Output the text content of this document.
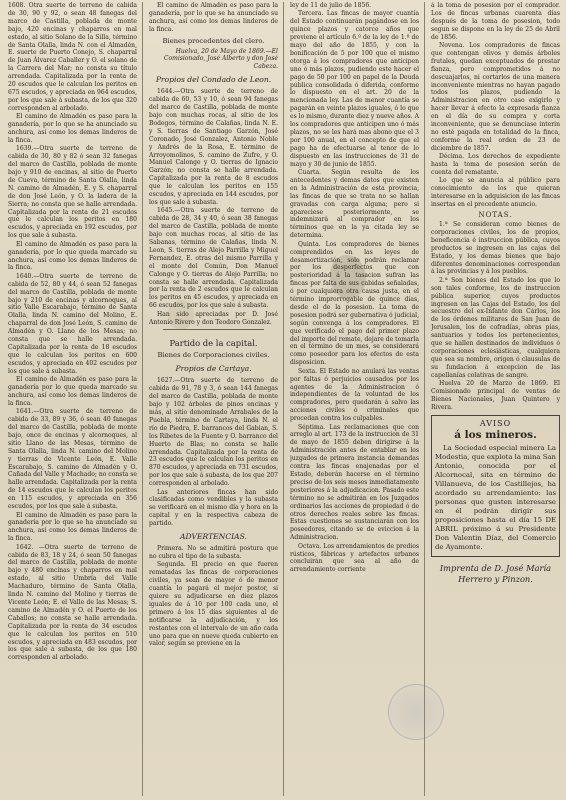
1608. Otra suerte de terreno de cabida de 30, 90 y 92, o sean 48 fanegas del marco de Castilla, poblada de monte bajo, 420 encinas y chaparros en mal estado, al sitio Solano de la Silla, término de Santa Olalla, linda N. con el Almadén, E. suerte de Puerto Conejo, S. chaparral de Juan Álvarez Caballer y O. el solano de la Carrera del Mar; no consta su título arrendada. Capitalizada por la renta de 20 escudos que le calculan los peritos en 675 escudos, y apreciada en 964 escudos, por los que sale á subasta, de los que 320 corresponden al arbolado.

El camino de Almadén es paso para la ganadería, por lo que se ha anunciado su anchura, así como los demas linderos de la finca.

1639.—Otra suerte de terreno de cabida de 30, 80 y 82 ó sean 32 fanegas del marco de Castilla, poblada de monte bajo y 910 de encinas, al sitio de Puerto de Cueva, término de Santa Olalla, linda N. camino de Almadén, E. y S. chaparral de don José León, y O. la ladera de la Sierra; no consta que se halle arrendada. Capitalizada por la renta de 21 escudos que le calculan los peritos en 180 escudos, y apreciada en 192 escudos, por los que sale á subasta.

El camino de Almadén es paso para la ganadería, por lo que queda marcado su anchura, así como los demas linderos de la finca.

1640.—Otra suerte de terreno de cabida de 52, 80 y 44, ó sean 52 fanegas del marco de Castilla, poblada de monte bajo y 210 de encinas y alcornoques, al sitio Valle Escarabajo, término de Santa Olalla, linda N. camino del Molino, E. chaparral de don José León, S. camino de Almadén y O. Llano de los Mesas; no consta que se halle arrendada. Capitalizada por la renta de 18 escudos que le calculan los peritos en 600 escudos, y apreciada en 402 escudos por los que sale á subasta.

El camino de Almadén es paso para la ganadería por lo que queda marcado su anchura, así como los demas linderos de la finca.

1641.—Otra suerte de terreno de cabida de 33, 89 y 36, ó sean 40 fanegas del marco de Castilla, poblada de monte bajo, once de encinas y alcornoques, al sitio Llano de las Mesas, término de Santa Olalla, linda N. camino del Molino y tierras de Vicente León, E. Valle Escarabajo, S. camino de Almadén y O. Cañada del Valle y Machado; no consta se halle arrendada. Capitalizada por la renta de 14 escudos que le calculan los peritos en 115 escudos, y apreciada en 356 escudos, por los que sale á subasta.

El camino de Almadén es paso para la ganadería por lo que se ha anunciado su anchura, así como los demas linderos de la finca.

1642. —Otra suerte de terreno de cabida de 83, 18 y 24, ó sean 50 fanegas del marco de Castilla, poblada de monte bajo y 480 encinas y chaparros en mal estado, al sitio Umbría del Valle Machaduro, término de Santa Olalla, linda N. camino del Molino y tierras de Vicente León; E. el Valle de las Mesas; S. camino de Almadén y O. el Puerto de los Caballos; no consta se halle arrendada. Capitalizada por la renta de 34 escudos que le calculan los peritos en 510 escudos, y apreciada en 483 escudos, por los que sale á subasta, de los que 180 corresponden al arbolado.

El camino de Almadén es paso para la ganadería, por lo que se ha anunciado su anchura, así como los demas linderos de la finca.

Bienes procedentes del clero.

Huelva, 20 de Mayo de 1869.—El Comisionado, José Alberto y don José Cabeza.

Propios del Condado de Leon.

1644.—Otra suerte de terreno de cabida de 60, 53 y 10, ó sean 94 fanegas del marco de Castilla, poblada de monte bajo con muchas rocas, al sitio de los Bodegos, término de Calañas, linda N. E. y S. tierras de Santiago Garzón, José Coronado, José Gonzalez, Antonio Noble y Andrés de la Rosa, E. término de Arroyomolinos, S. camino de Zufre, y O. Manuel Calonge y O. tierras de Ignacio Garzón; no consta se halle arrendada. Capitalizada por la renta de 8 escudos que le calculan los peritos en 155 escudos, y apreciada en 144 escudos, por los que sale á subasta.

1645.—Otra suerte de terreno de cabida de 28, 34 y 40, ó sean 38 fanegas del marco de Castilla, poblada de monte bajo con muchas rocas, al sitio de las Sabanas, término de Calañas, linda N. Leon, S. tierras de Alejo Parrilla y Miguel Fernandez, E. otras del mismo Parrilla y el monte del Común, Don Manuel Calonge y O. tierras de Alejo Parrilla; no consta se halle arrendada. Capitalizada por la renta de 2 escudos que le calculan los peritos en 45 escudos, y apreciada en 66 escudos, por los que sale á subasta.

Han sido apreciadas por D. José Antonio Rivero y don Teodoro Gonzalez.

Partido de la capital.
Bienes de Corporaciones civiles.
Propios de Cartaya.

1627.—Otra suerte de terreno de cabida de 91, 78 y 3, ó sean 144 fanegas del marco de Castilla, poblada de monte bajo y 102 árboles de pinos encinas y más, al sitio denominado Arrabales de la Puebla, término de Cartaya, linda N. el río de Piedra, E. barrancos del Gabian, S. los Ribetes de la Fuente y O. barranco del Huerto de Blas; no consta se halle arrendada. Capitalizada por la renta de 23 escudos que le calculan los peritos en 870 escudos, y apreciada en 731 escudos, por los que sale á subasta, de los que 207 corresponden al arbolado.

Las anteriores fincas han sido clasificadas como vendibles y la subasta se verificará en el mismo día y hora en la capital y en la respectiva cabeza de partido.

ADVERTENCIAS.

Primera. No se admitirá postura que no cubra el tipo de la subasta.

Segunda. El precio en que fueren rematadas las fincas de corporaciones civiles, ya sean de mayor ó de menor cuantía lo pagará el mejor postor, si quiere su adjudicarse en diez plazos iguales de á 10 por 100 cada uno, el primero á los 15 días siguientes al de notificarse la adjudicación, y los restantes con el intervalo de un año cada uno para que en nueve queda cubierto en valor, según se previene en la

ley de 11 de julio de 1856.

Tercera. Las fincas de mayor cuantía del Estado continuarán pagándose en los quince plazos y catorce años que previene el artículo 6.º de la ley de 1.º de mayo del año de 1855, y con la bonificación de 5 por 100 que el mismo otorga á los compradores que anticipen uno ó más plazos, pudiendo este hacer el pago de 50 por 100 en papel de la Deuda pública consolidada ó diferida, conforme lo dispuesto en el art. 20 de la mencionada ley. Las de menor cuantía se pagarán en veinte plazos iguales, ó lo que es lo mismo, durante diez y nueve años. A los compradores que anticipen uno ó más plazos, no se les hará mas abono que el 3 por 100 anual, en el concepto de que el pago ha de efectuarse al tenor de lo dispuesto en las instrucciones de 31 de mayo y 30 de junio de 1855.

Cuarta. Según resulta de los antecedentes y demas datos que existen en la Administración de esta provincia, las fincas de que se trata no se hallan gravadas con carga alguna; pero si apareciese posteriormente, se indemnizará al comprador en los términos que en la ya citada ley se determina.

Quinta. Los compradores de bienes comprendidos en las leyes de desamortización, solo podrán reclamar por los desperfectos que con posterioridad á la tasacion sufran las fincas por falta de sus cabidas señaladas, ó por cualquiera otra causa justa, en el término improrrogable de quince días, desde el de la posesion. La toma de posesion podrá ser gubernativa ó judicial, según convenga á los compradores. El que verificado el pago del primer plazo del importe del remate, dejare de tomarla en el término de un mes, se considerará como poseedor para los efectos de esta disposicion.

Sexta. El Estado no anulará las ventas por faltas ó perjuicios causados por los agentes de la Administracion ó independientes de la voluntad de los compradores, pero quedarán á salvo las acciones civiles ó criminales que procedan contra los culpables.

Séptima. Las reclamaciones que con arreglo al art. 173 de la instruccion de 31 de mayo de 1855 deben dirigirse á la Administración antes de entablar en los juzgados de primera instancia demandas contra las fincas enajenadas por el Estado, deberán hacerse en el término preciso de los seis meses inmediatamente posteriores á la adjudicacion. Pasado este término no se admitirán en los Juzgados ordinarios las acciones de propiedad ó de otros derechos reales sobre las fincas. Estas cuestiones se sustanciarán con los poseedores, citando se de eviccion á la Administracion.

Octava. Los arrendamientos de predios rústicos, fábricas y artefactos urbanos concluirán que sea al año de arrendamiento corriente

á la toma de posesion por el comprador. Los de fincas urbanas cuarenta días después de la toma de posesion, todo segun se dispone en la ley de 25 de Abril de 1856.

Novena. Los compradores de fincas que contengan olivos y demás árboles frutales, quedan exceptuados de prestar fianza, pero comprometidos á no descuajarlos, ni cortarlos de una manera inconveniente mientras no hayan pagado todos los plazos, pudiendo la Administracion en otro caso exigirlo y hacer llevar á efecto la expresada fianza en el día de su compra y corta inconveniente, que se denunciase interin no esté pagada en totalidad de la finca, conforme la real orden de 23 de diciembre de 1857.

Décima. Los derechos de expediente hasta la toma de posesion serán de cuenta del rematante.

Lo que se anuncia al público para conocimiento de los que quieran interesarse en la adquisicion de las fincas insertas en el precedente anuncio.

NOTAS.

1.ª Se consideran como bienes de corporaciones civiles, los de propios, beneficencia é instruccion pública, cuyos productos se ingresen en las cajas del Estado, y los demas bienes que bajo diferentes denominaciones correspondan á las provincias y á los pueblos.

2.ª Son bienes del Estado los que lo son tales conforme, los de instruccion pública superior, cuyos productos ingresen en las Cajas del Estado, los del secuestro del ex-Infante don Cárlos, los de los órdenes militares de San Juan de Jerusalen, los de cofradías, obras pías, santuarios y todos los pertenecientes, que se hallen destinados de individuos ó corporaciones eclesiásticas, cualquiera que sea su nombre, origen ó clausulas de su fundacion á excepcion de las capellanías colativas de sangre.

Huelva 20 de Marzo de 1869. El Comisionado principal de ventas de Bienes Nacionales, Juan Quintero y Rivera.

AVISO
á los mineros.

La Sociedad especial minera La Modestia, que explota la mina San Antonio, conocida por el Alcornocal, sita en término de Villanueva, de los Castillejos, ha acordado su arrendamiento: las personas que gusten interesarse en él podrán dirigir sus proposiciones hasta el día 15 DE ABRIL próximo á su Presidente Don Valentin Díaz, del Comercio de Ayamonte.

Imprenta de D. José María Herrero y Pinzon.
